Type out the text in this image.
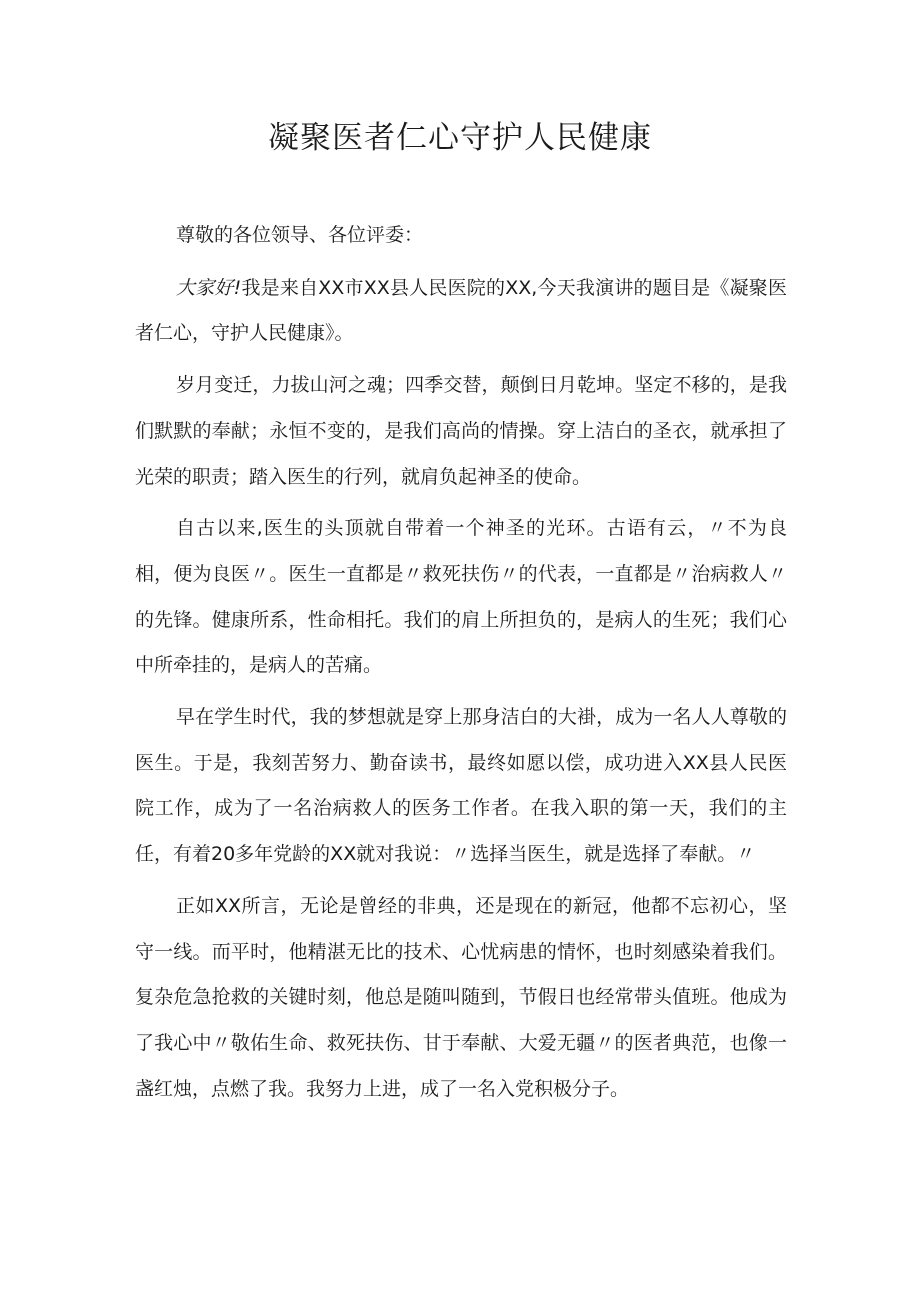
凝聚医者仁心守护人民健康

尊敬的各位领导、各位评委：

大家好!我是来自XX市XX县人民医院的XX,今天我演讲的题目是《凝聚医者仁心，守护人民健康》。

岁月变迁，力拔山河之魂；四季交替，颠倒日月乾坤。坚定不移的，是我们默默的奉献；永恒不变的，是我们高尚的情操。穿上洁白的圣衣，就承担了光荣的职责；踏入医生的行列，就肩负起神圣的使命。

自古以来,医生的头顶就自带着一个神圣的光环。古语有云，〃不为良相，便为良医〃。医生一直都是〃救死扶伤〃的代表，一直都是〃治病救人〃的先锋。健康所系，性命相托。我们的肩上所担负的，是病人的生死；我们心中所牵挂的，是病人的苦痛。

早在学生时代，我的梦想就是穿上那身洁白的大褂，成为一名人人尊敬的医生。于是，我刻苦努力、勤奋读书，最终如愿以偿，成功进入XX县人民医院工作，成为了一名治病救人的医务工作者。在我入职的第一天，我们的主任，有着20多年党龄的XX就对我说：〃选择当医生，就是选择了奉献。〃

正如XX所言，无论是曾经的非典，还是现在的新冠，他都不忘初心，坚守一线。而平时，他精湛无比的技术、心忧病患的情怀，也时刻感染着我们。复杂危急抢救的关键时刻，他总是随叫随到，节假日也经常带头值班。他成为了我心中〃敬佑生命、救死扶伤、甘于奉献、大爱无疆〃的医者典范，也像一盏红烛，点燃了我。我努力上进，成了一名入党积极分子。
